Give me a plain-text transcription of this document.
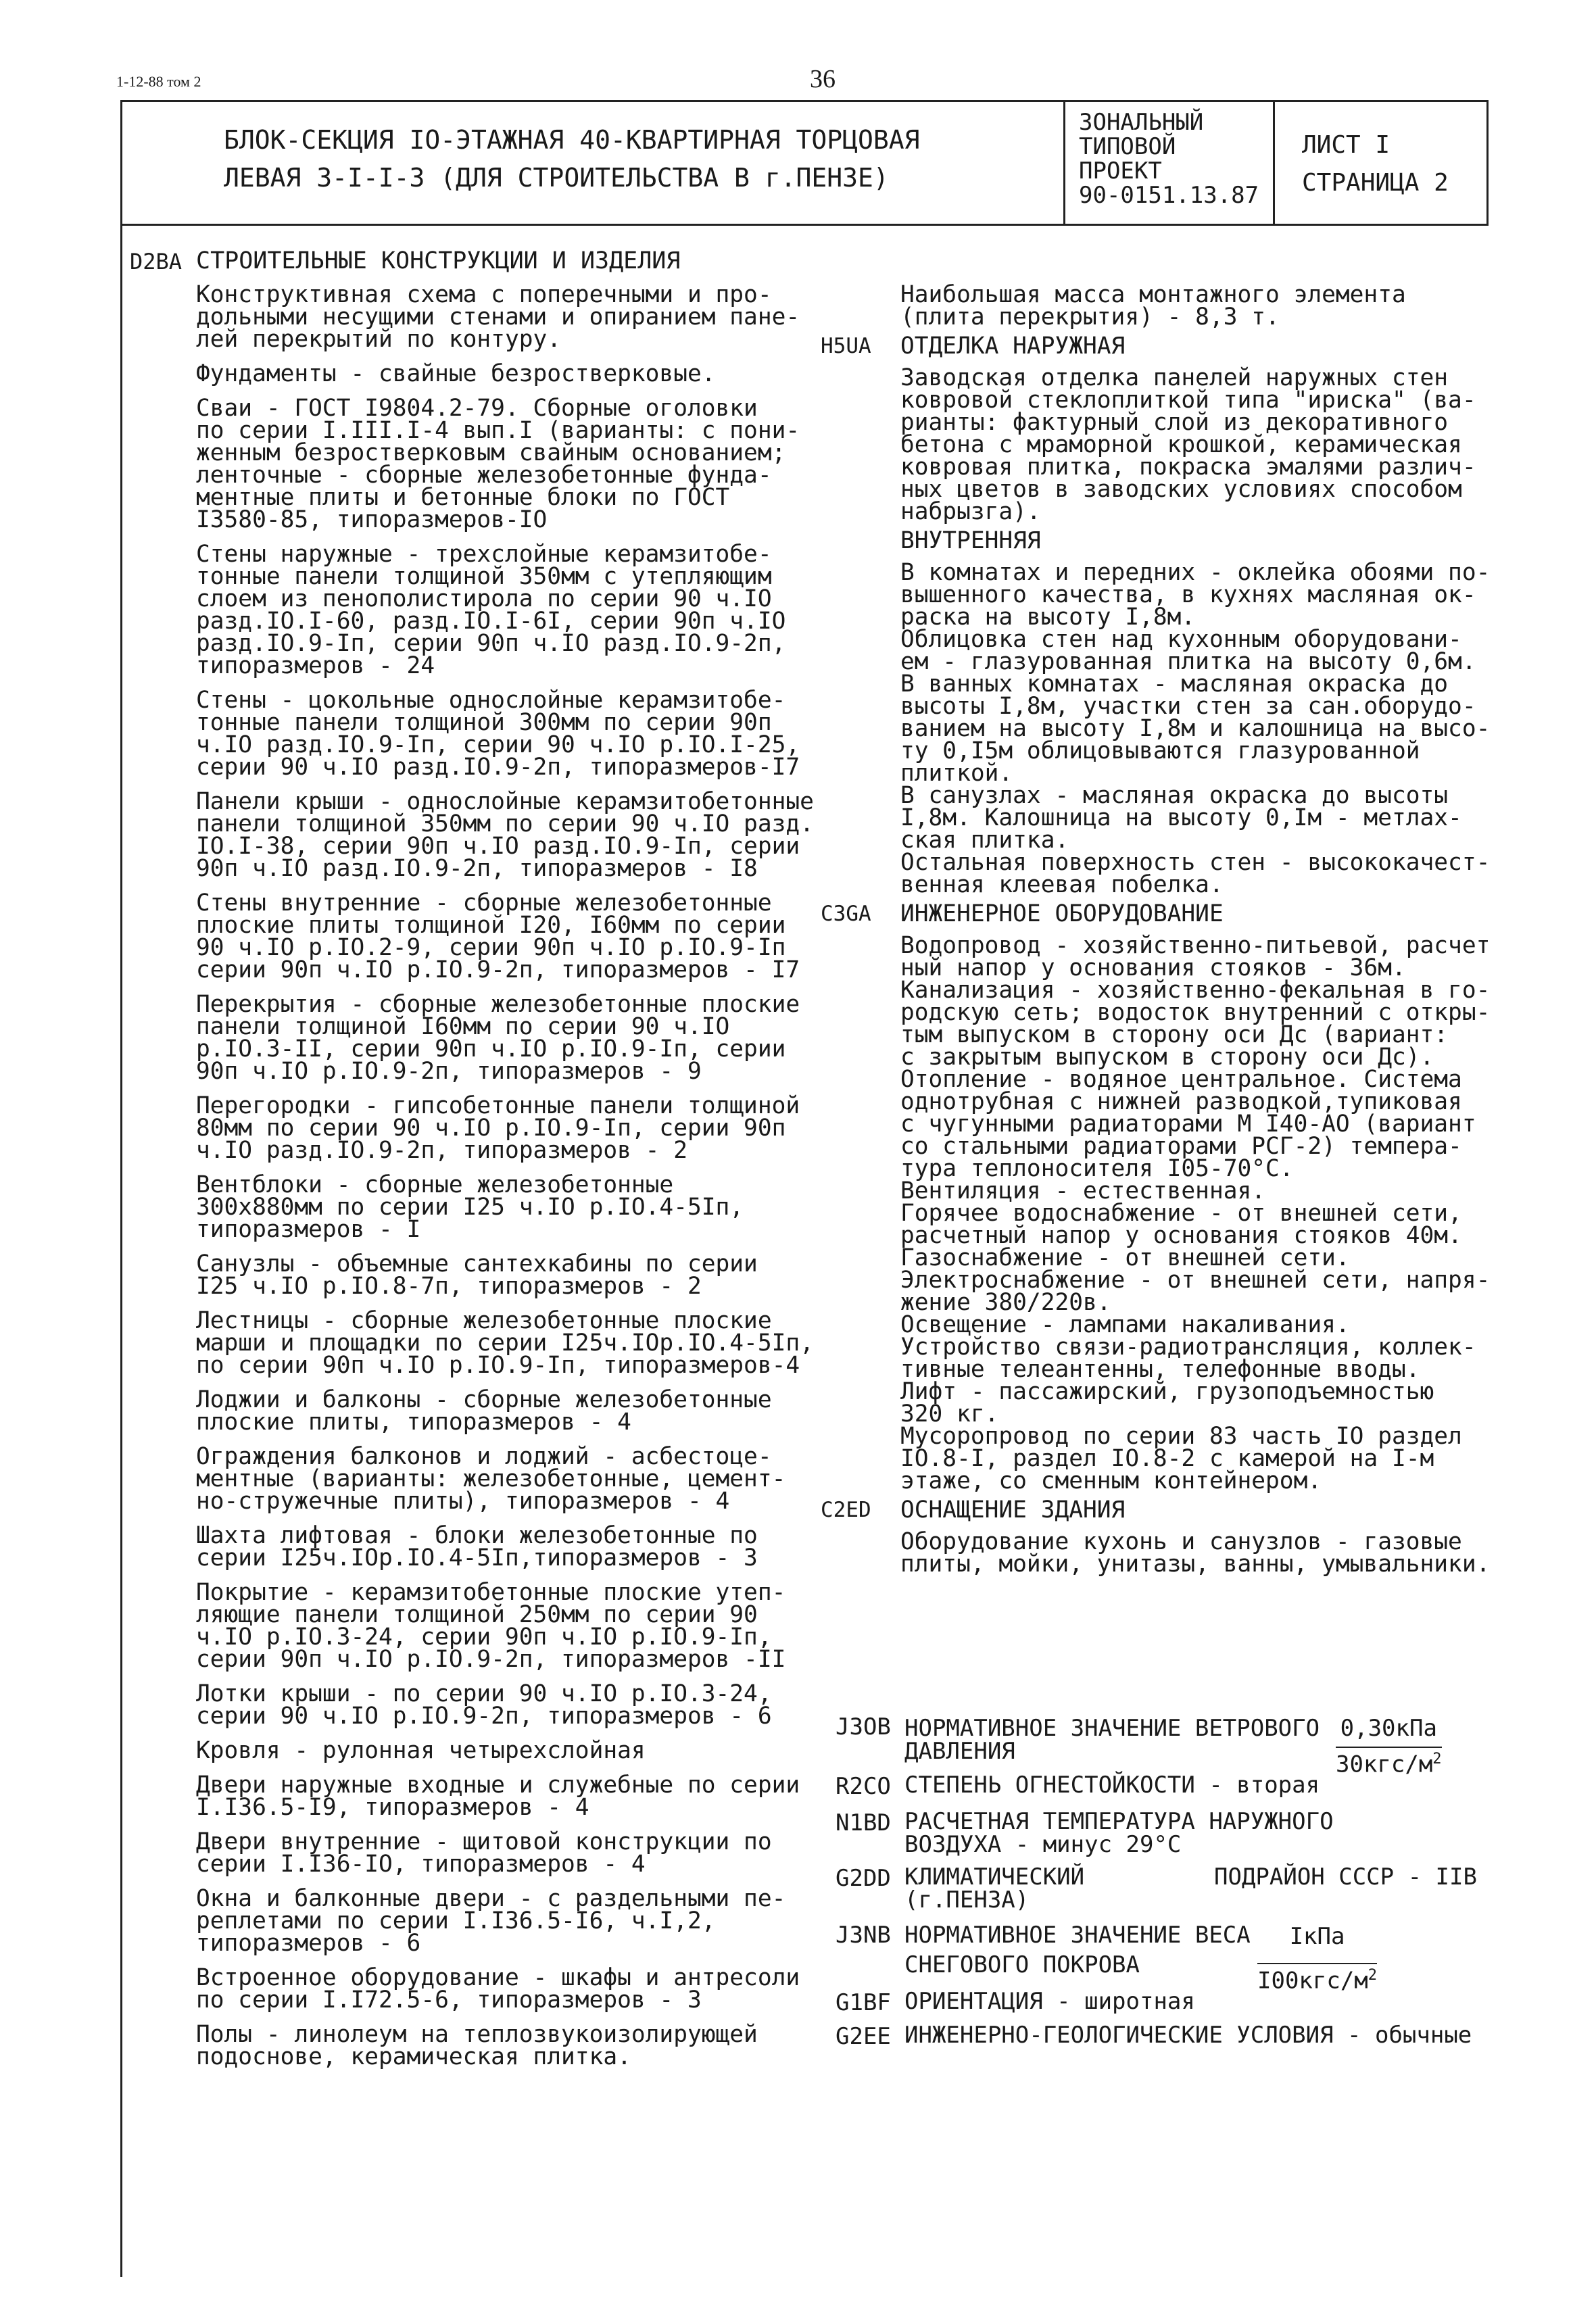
1-12-88 том 2	36
БЛОК-СЕКЦИЯ IO-ЭТАЖНАЯ 40-КВАРТИРНАЯ ТОРЦОВАЯ
ЛЕВАЯ 3-I-I-3 (ДЛЯ СТРОИТЕЛЬСТВА В г.ПЕНЗЕ)
ЗОНАЛЬНЫЙ
ТИПОВОЙ
ПРОЕКТ
90-0151.13.87
ЛИСТ I
СТРАНИЦА 2
D2BA СТРОИТЕЛЬНЫЕ КОНСТРУКЦИИ И ИЗДЕЛИЯ

Конструктивная схема с поперечными и про-
дольными несущими стенами и опиранием пане-
лей перекрытий по контуру.

Фундаменты - свайные безростверковые.

Сваи - ГОСТ I9804.2-79. Сборные оголовки
по серии I.III.I-4 вып.I (варианты: с пони-
женным безростверковым свайным основанием;
ленточные - сборные железобетонные фунда-
ментные плиты и бетонные блоки по ГОСТ
I3580-85, типоразмеров-IO

Стены наружные - трехслойные керамзитобе-
тонные панели толщиной 350мм с утепляющим
слоем из пенополистирола по серии 90 ч.IO
разд.IO.I-60, разд.IO.I-6I, серии 90п ч.IO
разд.IO.9-Iп, серии 90п ч.IO разд.IO.9-2п,
типоразмеров - 24

Стены - цокольные однослойные керамзитобе-
тонные панели толщиной 300мм по серии 90п
ч.IO разд.IO.9-Iп, серии 90 ч.IO р.IO.I-25,
серии 90 ч.IO разд.IO.9-2п, типоразмеров-I7

Панели крыши - однослойные керамзитобетонные
панели толщиной 350мм по серии 90 ч.IO разд.
IO.I-38, серии 90п ч.IO разд.IO.9-Iп, серии
90п ч.IO разд.IO.9-2п, типоразмеров - I8

Стены внутренние - сборные железобетонные
плоские плиты толщиной I20, I60мм по серии
90 ч.IO р.IO.2-9, серии 90п ч.IO р.IO.9-Iп
серии 90п ч.IO р.IO.9-2п, типоразмеров - I7

Перекрытия - сборные железобетонные плоские
панели толщиной I60мм по серии 90 ч.IO
р.IO.3-II, серии 90п ч.IO р.IO.9-Iп, серии
90п ч.IO р.IO.9-2п, типоразмеров - 9

Перегородки - гипсобетонные панели толщиной
80мм по серии 90 ч.IO р.IO.9-Iп, серии 90п
ч.IO разд.IO.9-2п, типоразмеров - 2

Вентблоки - сборные железобетонные
300х880мм по серии I25 ч.IO р.IO.4-5Iп,
типоразмеров - I

Санузлы - объемные сантехкабины по серии
I25 ч.IO р.IO.8-7п, типоразмеров - 2

Лестницы - сборные железобетонные плоские
марши и площадки по серии I25ч.IOр.IO.4-5Iп,
по серии 90п ч.IO р.IO.9-Iп, типоразмеров-4

Лоджии и балконы - сборные железобетонные
плоские плиты, типоразмеров - 4

Ограждения балконов и лоджий - асбестоце-
ментные (варианты: железобетонные, цемент-
но-стружечные плиты), типоразмеров - 4

Шахта лифтовая - блоки железобетонные по
серии I25ч.IOр.IO.4-5Iп,типоразмеров - 3

Покрытие - керамзитобетонные плоские утеп-
ляющие панели толщиной 250мм по серии 90
ч.IO р.IO.3-24, серии 90п ч.IO р.IO.9-Iп,
серии 90п ч.IO р.IO.9-2п, типоразмеров -II

Лотки крыши - по серии 90 ч.IO р.IO.3-24,
серии 90 ч.IO р.IO.9-2п, типоразмеров - 6

Кровля - рулонная четырехслойная

Двери наружные входные и служебные по серии
I.I36.5-I9, типоразмеров - 4

Двери внутренние - щитовой конструкции по
серии I.I36-IO, типоразмеров - 4

Окна и балконные двери - с раздельными пе-
реплетами по серии I.I36.5-I6, ч.I,2,
типоразмеров - 6

Встроенное оборудование - шкафы и антресоли
по серии I.I72.5-6, типоразмеров - 3

Полы - линолеум на теплозвукоизолирующей
подоснове, керамическая плитка.

Наибольшая масса монтажного элемента
(плита перекрытия) - 8,3 т.

H5UA ОТДЕЛКА НАРУЖНАЯ

Заводская отделка панелей наружных стен
ковровой стеклоплиткой типа "ириска" (ва-
рианты: фактурный слой из декоративного
бетона с мраморной крошкой, керамическая
ковровая плитка, покраска эмалями различ-
ных цветов в заводских условиях способом
набрызга).

ВНУТРЕННЯЯ

В комнатах и передних - оклейка обоями по-
вышенного качества, в кухнях масляная ок-
раска на высоту I,8м.
Облицовка стен над кухонным оборудовани-
ем - глазурованная плитка на высоту 0,6м.
В ванных комнатах - масляная окраска до
высоты I,8м, участки стен за сан.оборудо-
ванием на высоту I,8м и калошница на высо-
ту 0,I5м облицовываются глазурованной
плиткой.
В санузлах - масляная окраска до высоты
I,8м. Калошница на высоту 0,Iм - метлах-
ская плитка.
Остальная поверхность стен - высококачест-
венная клеевая побелка.

C3GA ИНЖЕНЕРНОЕ ОБОРУДОВАНИЕ

Водопровод - хозяйственно-питьевой, расчет
ный напор у основания стояков - 36м.
Канализация - хозяйственно-фекальная в го-
родскую сеть; водосток внутренний с откры-
тым выпуском в сторону оси Дс (вариант:
с закрытым выпуском в сторону оси Дс).
Отопление - водяное центральное. Система
однотрубная с нижней разводкой,тупиковая
с чугунными радиаторами М I40-АО (вариант
со стальными радиаторами РСГ-2) темпера-
тура теплоносителя I05-70°С.
Вентиляция - естественная.
Горячее водоснабжение - от внешней сети,
расчетный напор у основания стояков 40м.
Газоснабжение - от внешней сети.
Электроснабжение - от внешней сети, напря-
жение 380/220в.
Освещение - лампами накаливания.
Устройство связи-радиотрансляция, коллек-
тивные телеантенны, телефонные вводы.
Лифт - пассажирский, грузоподъемностью
320 кг.
Мусоропровод по серии 83 часть IO раздел
IO.8-I, раздел IO.8-2 с камерой на I-м
этаже, со сменным контейнером.

C2ED ОСНАЩЕНИЕ ЗДАНИЯ

Оборудование кухонь и санузлов - газовые
плиты, мойки, унитазы, ванны, умывальники.

J3OB НОРМАТИВНОЕ ЗНАЧЕНИЕ ВЕТРОВОГО
ДАВЛЕНИЯ
0,30кПа
$30кгс/м^2$
R2CO СТЕПЕНЬ ОГНЕСТОЙКОСТИ - вторая
N1BD РАСЧЕТНАЯ ТЕМПЕРАТУРА НАРУЖНОГО
ВОЗДУХА - минус 29°С
G2DD КЛИМАТИЧЕСКИЙ
(г.ПЕНЗА)
ПОДРАЙОН СССР - IIВ
J3NB НОРМАТИВНОЕ ЗНАЧЕНИЕ ВЕСА
СНЕГОВОГО ПОКРОВА
IкПа
$I00кгс/м^2$
G1BF ОРИЕНТАЦИЯ - широтная
G2EE ИНЖЕНЕРНО-ГЕОЛОГИЧЕСКИЕ УСЛОВИЯ - обычные
